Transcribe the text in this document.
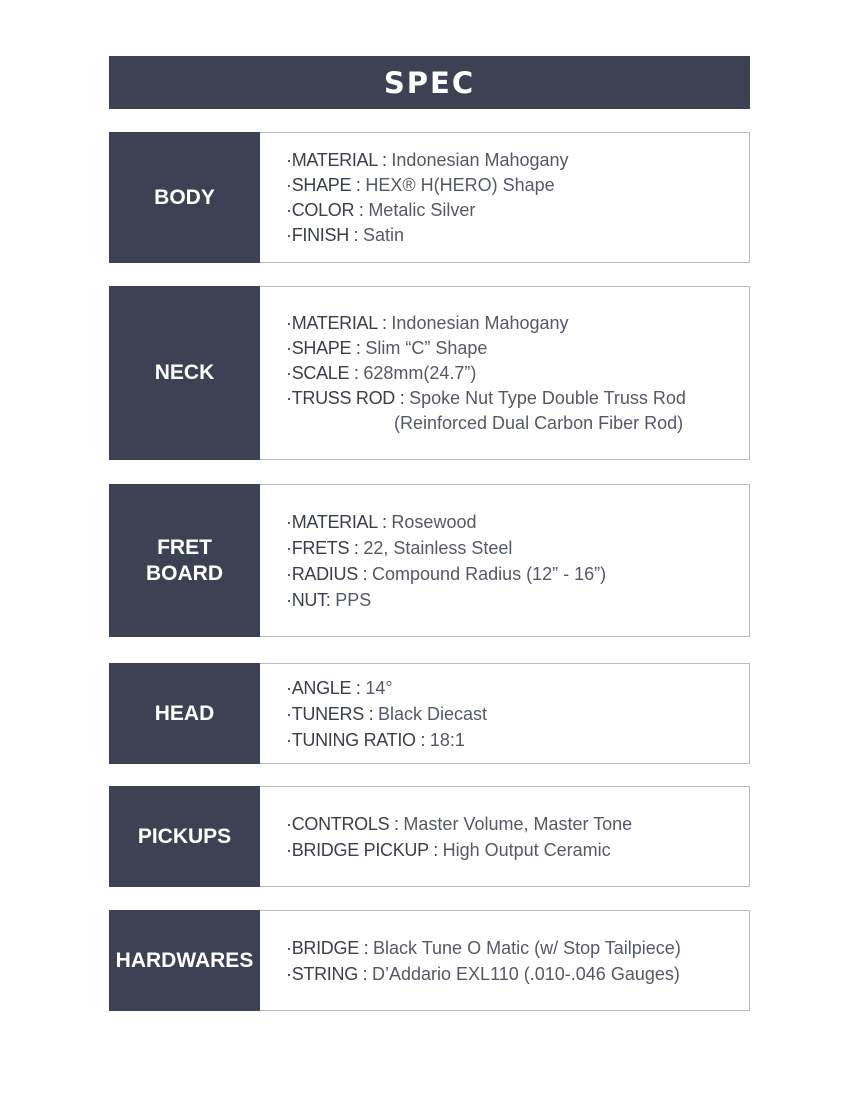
SPEC
BODY
·MATERIAL : Indonesian Mahogany
·SHAPE : HEX® H(HERO) Shape
·COLOR : Metalic Silver
·FINISH : Satin
NECK
·MATERIAL : Indonesian Mahogany
·SHAPE : Slim “C” Shape
·SCALE : 628mm(24.7”)
·TRUSS ROD : Spoke Nut Type Double Truss Rod
(Reinforced Dual Carbon Fiber Rod)
FRET
BOARD
·MATERIAL : Rosewood
·FRETS : 22, Stainless Steel
·RADIUS : Compound Radius (12” - 16”)
·NUT: PPS
HEAD
·ANGLE : 14°
·TUNERS : Black Diecast
·TUNING RATIO : 18:1
PICKUPS
·CONTROLS : Master Volume, Master Tone
·BRIDGE PICKUP : High Output Ceramic
HARDWARES
·BRIDGE : Black Tune O Matic (w/ Stop Tailpiece)
·STRING : D’Addario EXL110 (.010-.046 Gauges)
